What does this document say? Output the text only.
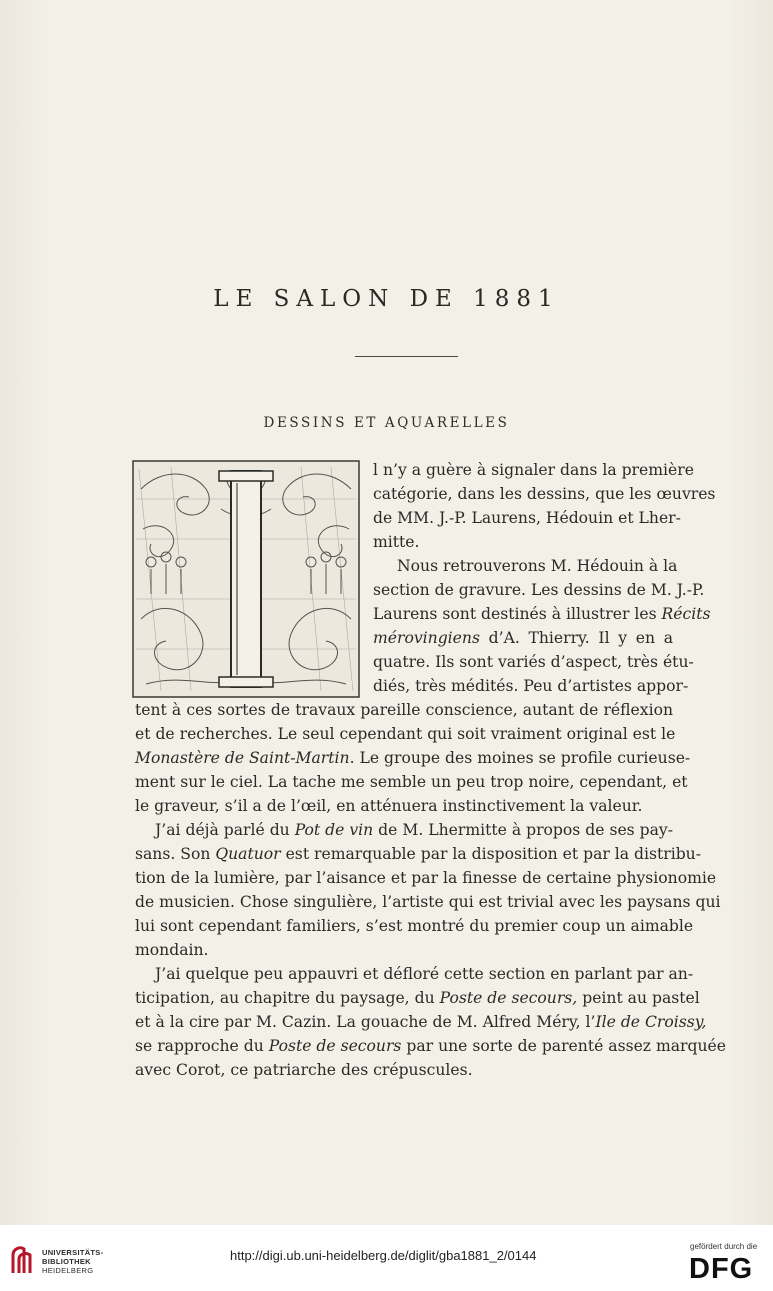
LE SALON DE 1881
DESSINS ET AQUARELLES
l n’y a guère à signaler dans la première
catégorie, dans les dessins, que les œuvres
de MM. J.-P. Laurens, Hédouin et Lher-
mitte.
Nous retrouverons M. Hédouin à la
section de gravure. Les dessins de M. J.-P.
Laurens sont destinés à illustrer les Récits
mérovingiens d’A. Thierry. Il y en a
quatre. Ils sont variés d’aspect, très étu-
diés, très médités. Peu d’artistes appor-
tent à ces sortes de travaux pareille conscience, autant de réflexion
et de recherches. Le seul cependant qui soit vraiment original est le
Monastère de Saint-Martin. Le groupe des moines se profile curieuse-
ment sur le ciel. La tache me semble un peu trop noire, cependant, et
le graveur, s’il a de l’œil, en atténuera instinctivement la valeur.
J’ai déjà parlé du Pot de vin de M. Lhermitte à propos de ses pay-
sans. Son Quatuor est remarquable par la disposition et par la distribu-
tion de la lumière, par l’aisance et par la finesse de certaine physionomie
de musicien. Chose singulière, l’artiste qui est trivial avec les paysans qui
lui sont cependant familiers, s’est montré du premier coup un aimable
mondain.
J’ai quelque peu appauvri et défloré cette section en parlant par an-
ticipation, au chapitre du paysage, du Poste de secours, peint au pastel
et à la cire par M. Cazin. La gouache de M. Alfred Méry, l’Ile de Croissy,
se rapproche du Poste de secours par une sorte de parenté assez marquée
avec Corot, ce patriarche des crépuscules.
UNIVERSITÄTS-
BIBLIOTHEK
HEIDELBERG
http://digi.ub.uni-heidelberg.de/diglit/gba1881_2/0144
gefördert durch die
DFG
